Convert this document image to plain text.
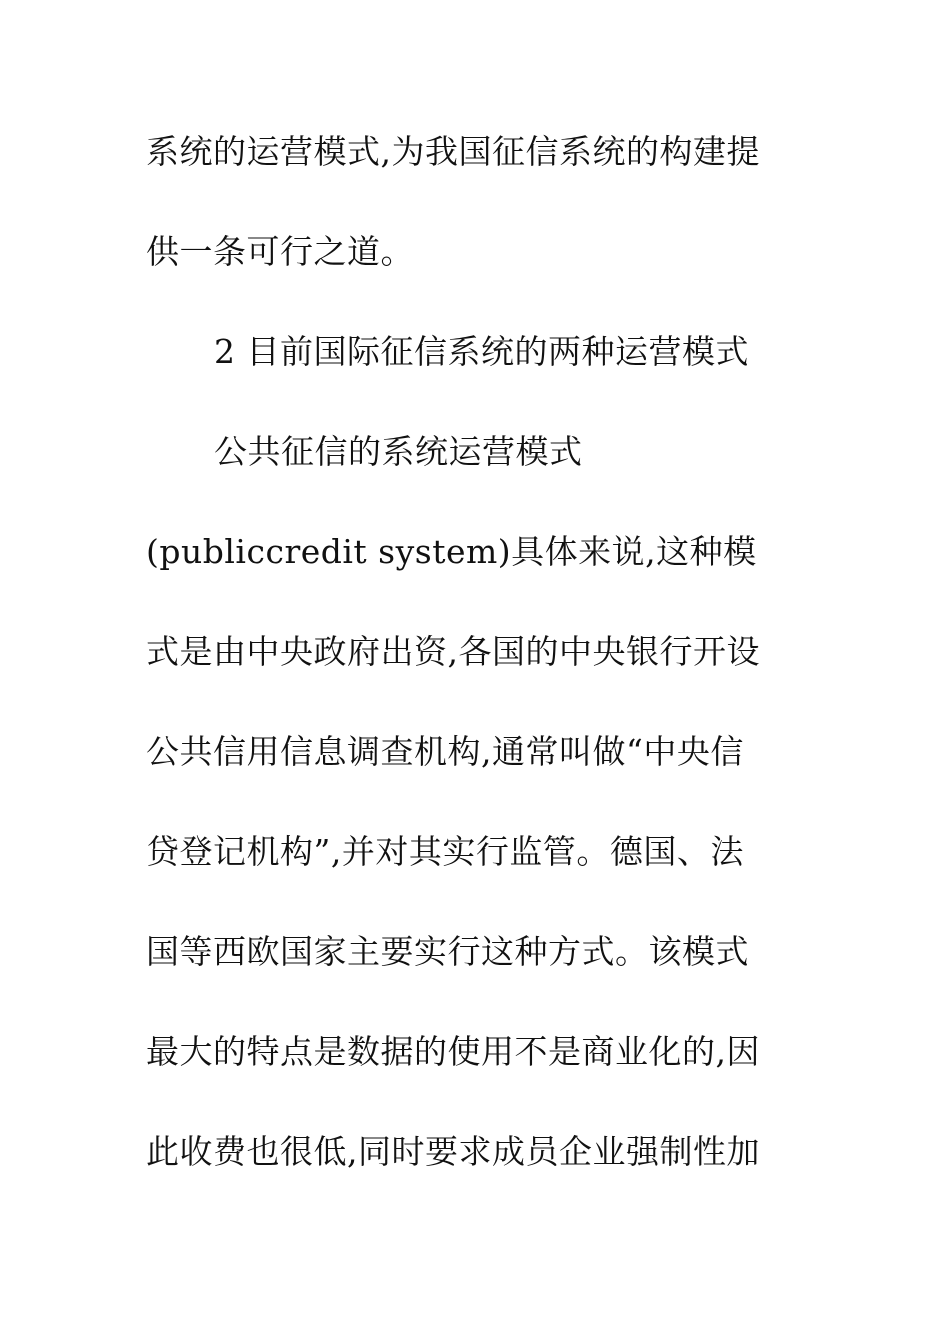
系统的运营模式,为我国征信系统的构建提
供一条可行之道。
2 目前国际征信系统的两种运营模式
公共征信的系统运营模式
(publiccredit system)具体来说,这种模
式是由中央政府出资,各国的中央银行开设
公共信用信息调查机构,通常叫做“中央信
贷登记机构”,并对其实行监管。德国、法
国等西欧国家主要实行这种方式。该模式
最大的特点是数据的使用不是商业化的,因
此收费也很低,同时要求成员企业强制性加
